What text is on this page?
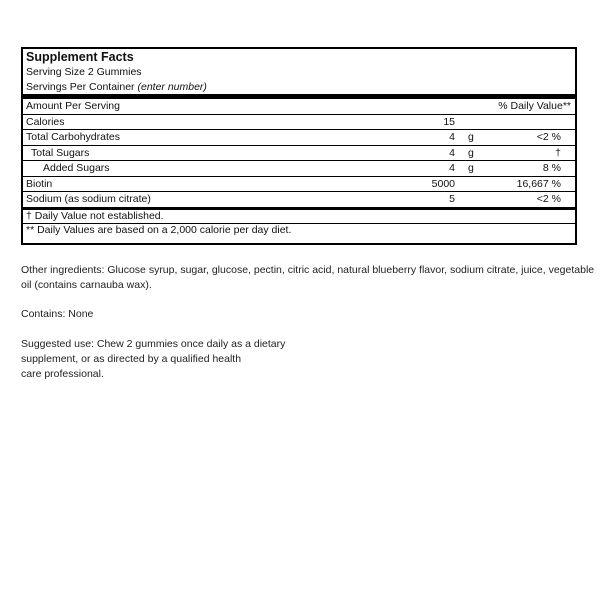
Supplement Facts
Serving Size 2 Gummies
Servings Per Container (enter number)
Amount Per Serving	% Daily Value**
Calories	15
Total Carbohydrates	4 g	<2 %
Total Sugars	4 g	†
Added Sugars	4 g	8 %
Biotin	5000	16,667 %
Sodium (as sodium citrate)	5	<2 %
† Daily Value not established.
** Daily Values are based on a 2,000 calorie per day diet.
Other ingredients: Glucose syrup, sugar, glucose, pectin, citric acid, natural blueberry flavor, sodium citrate, juice, vegetable oil (contains carnauba wax).
Contains: None
Suggested use: Chew 2 gummies once daily as a dietary
supplement, or as directed by a qualified health
care professional.
